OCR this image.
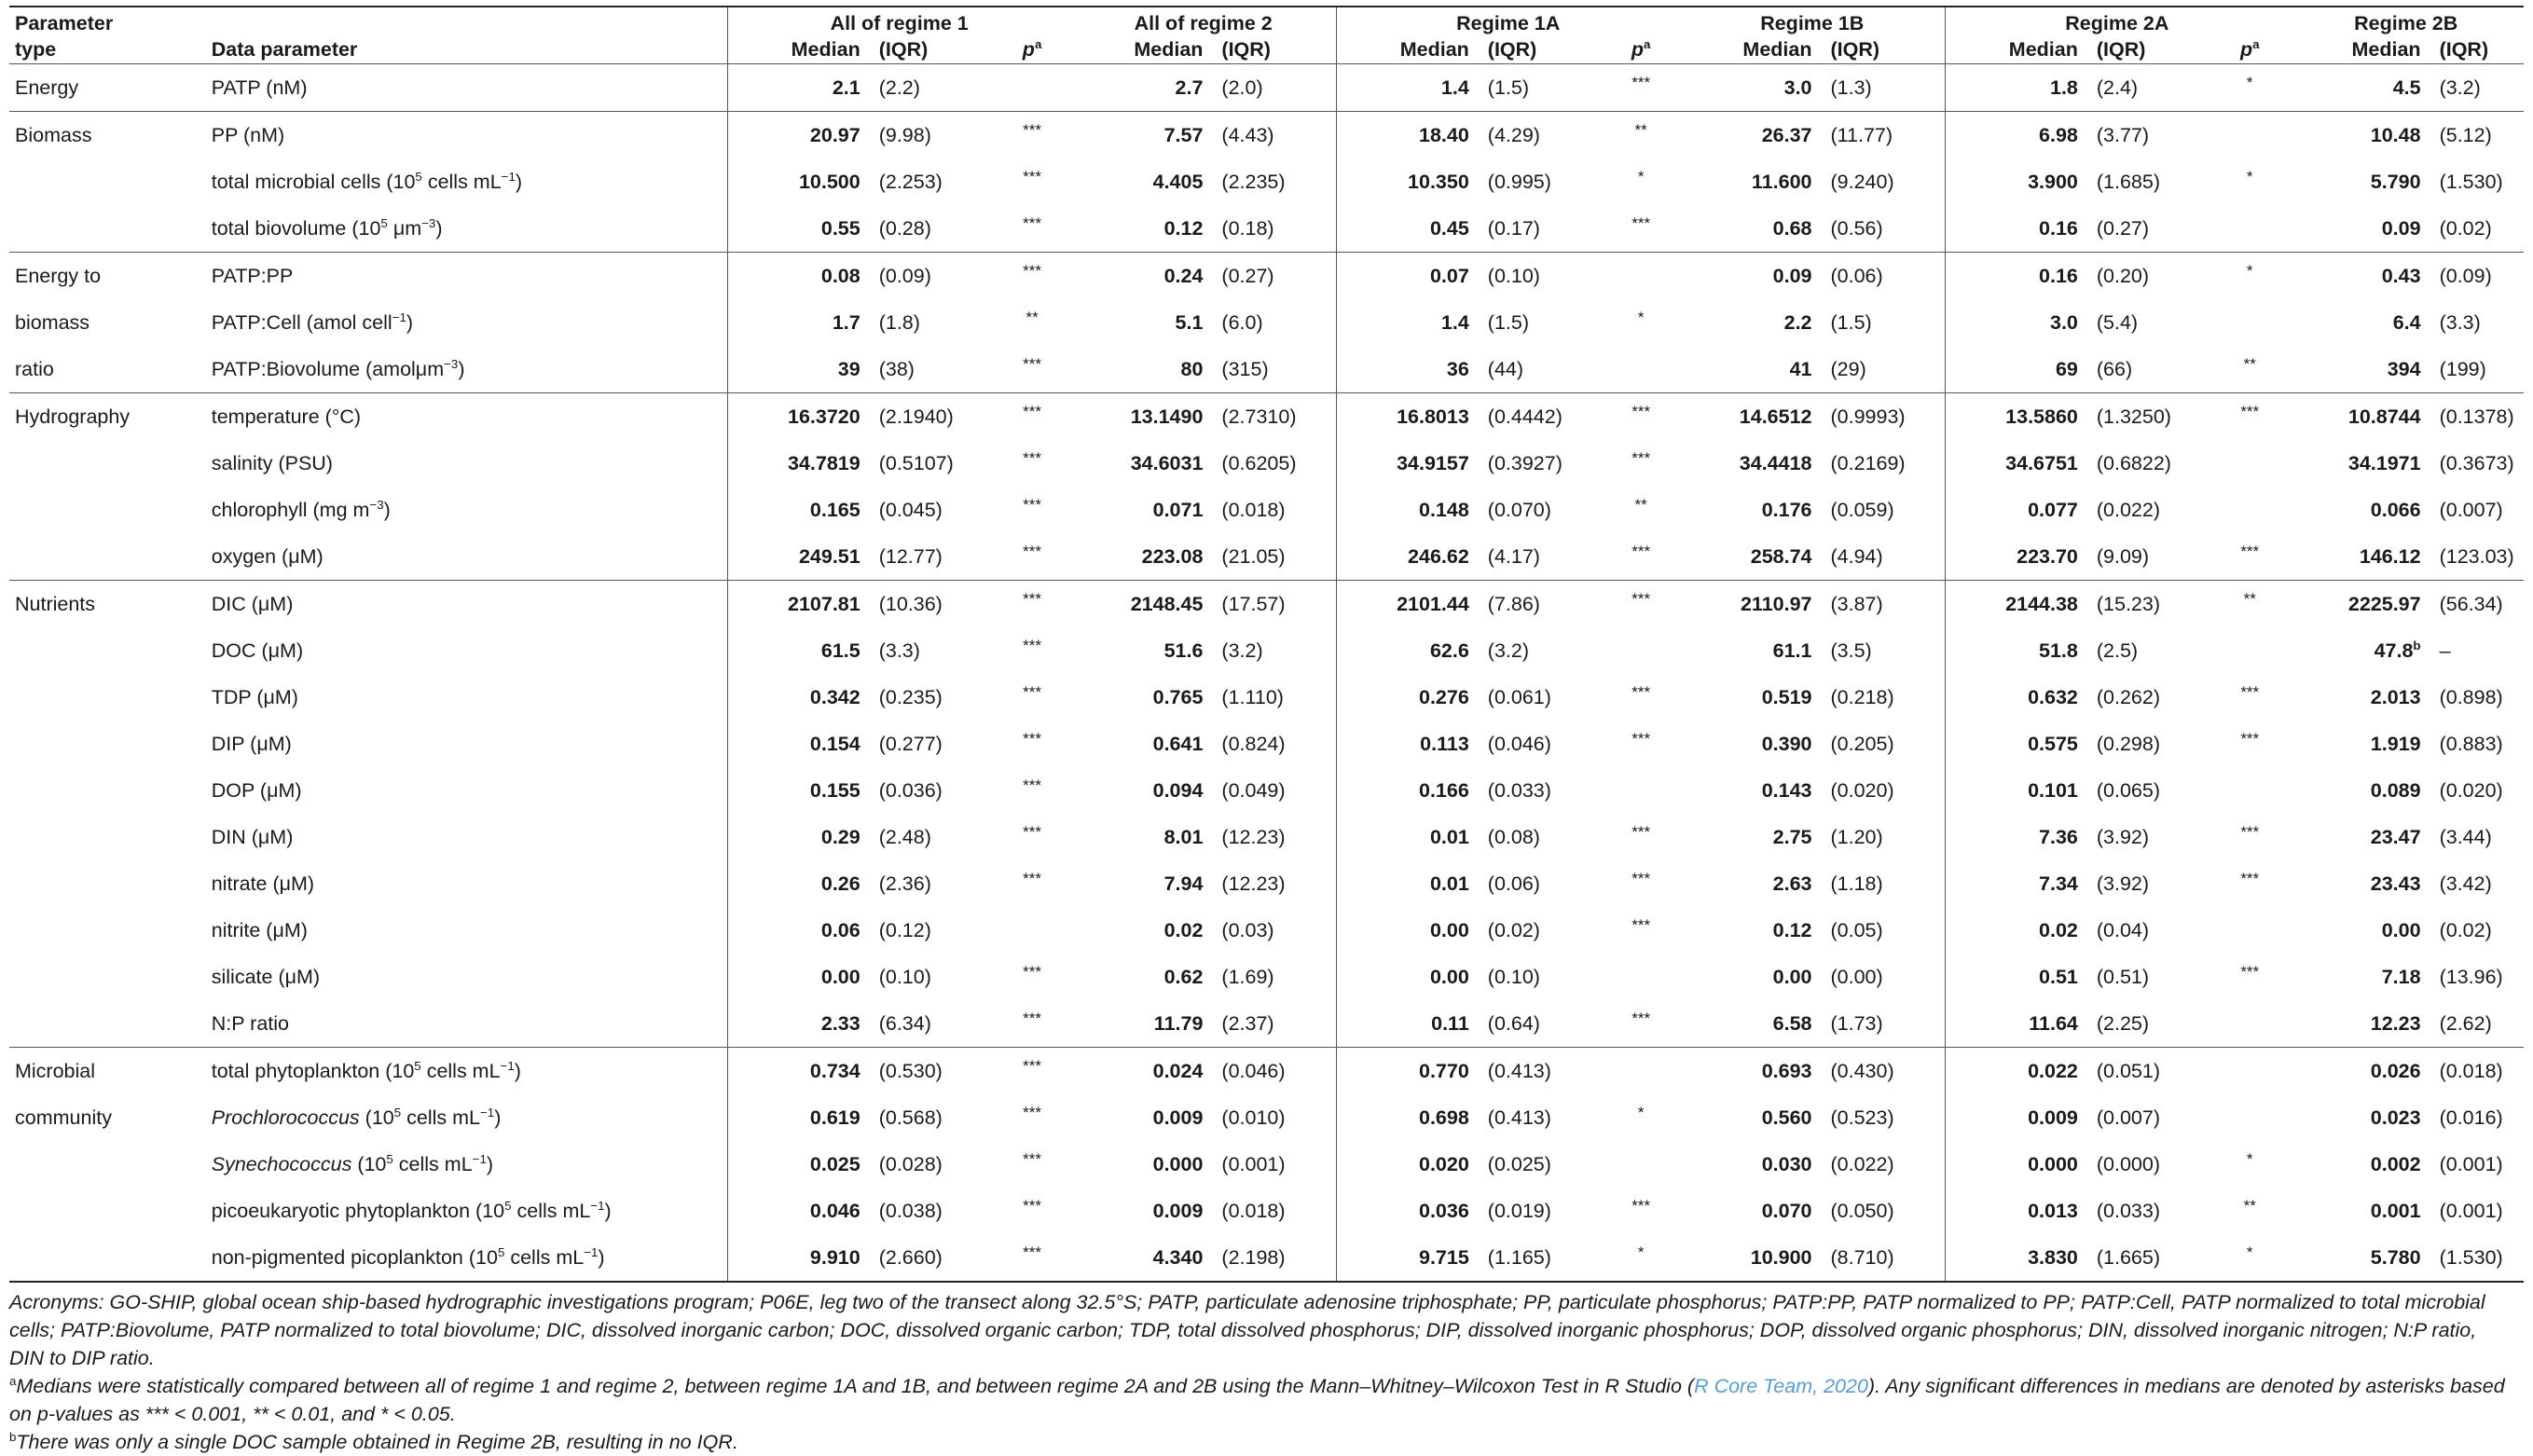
Parameter		All of regime 1			All of regime 2		Regime 1A			Regime 1B		Regime 2A			Regime 2B	
type	Data parameter	Median	(IQR)	$p^a$	Median	(IQR)	Median	(IQR)	$p^a$	Median	(IQR)	Median	(IQR)	$p^a$	Median	(IQR)
Energy	PATP (nM)	2.1	(2.2)		2.7	(2.0)	1.4	(1.5)	***	3.0	(1.3)	1.8	(2.4)	*	4.5	(3.2)
Biomass	PP (nM)	20.97	(9.98)	***	7.57	(4.43)	18.40	(4.29)	**	26.37	(11.77)	6.98	(3.77)		10.48	(5.12)
	total microbial cells ($10^5$ cells $mL^{-1}$)	10.500	(2.253)	***	4.405	(2.235)	10.350	(0.995)	*	11.600	(9.240)	3.900	(1.685)	*	5.790	(1.530)
	total biovolume ($10^5$ $\mu m^{-3}$)	0.55	(0.28)	***	0.12	(0.18)	0.45	(0.17)	***	0.68	(0.56)	0.16	(0.27)		0.09	(0.02)
Energy to	PATP:PP	0.08	(0.09)	***	0.24	(0.27)	0.07	(0.10)		0.09	(0.06)	0.16	(0.20)	*	0.43	(0.09)
biomass	PATP:Cell (amol cell$^{-1}$)	1.7	(1.8)	**	5.1	(6.0)	1.4	(1.5)	*	2.2	(1.5)	3.0	(5.4)		6.4	(3.3)
ratio	PATP:Biovolume (amolμm$^{-3}$)	39	(38)	***	80	(315)	36	(44)		41	(29)	69	(66)	**	394	(199)
Hydrography	temperature (°C)	16.3720	(2.1940)	***	13.1490	(2.7310)	16.8013	(0.4442)	***	14.6512	(0.9993)	13.5860	(1.3250)	***	10.8744	(0.1378)
	salinity (PSU)	34.7819	(0.5107)	***	34.6031	(0.6205)	34.9157	(0.3927)	***	34.4418	(0.2169)	34.6751	(0.6822)		34.1971	(0.3673)
	chlorophyll (mg $m^{-3}$)	0.165	(0.045)	***	0.071	(0.018)	0.148	(0.070)	**	0.176	(0.059)	0.077	(0.022)		0.066	(0.007)
	oxygen (μM)	249.51	(12.77)	***	223.08	(21.05)	246.62	(4.17)	***	258.74	(4.94)	223.70	(9.09)	***	146.12	(123.03)
Nutrients	DIC (μM)	2107.81	(10.36)	***	2148.45	(17.57)	2101.44	(7.86)	***	2110.97	(3.87)	2144.38	(15.23)	**	2225.97	(56.34)
	DOC (μM)	61.5	(3.3)	***	51.6	(3.2)	62.6	(3.2)		61.1	(3.5)	51.8	(2.5)		47.8$^b$	–
	TDP (μM)	0.342	(0.235)	***	0.765	(1.110)	0.276	(0.061)	***	0.519	(0.218)	0.632	(0.262)	***	2.013	(0.898)
	DIP (μM)	0.154	(0.277)	***	0.641	(0.824)	0.113	(0.046)	***	0.390	(0.205)	0.575	(0.298)	***	1.919	(0.883)
	DOP (μM)	0.155	(0.036)	***	0.094	(0.049)	0.166	(0.033)		0.143	(0.020)	0.101	(0.065)		0.089	(0.020)
	DIN (μM)	0.29	(2.48)	***	8.01	(12.23)	0.01	(0.08)	***	2.75	(1.20)	7.36	(3.92)	***	23.47	(3.44)
	nitrate (μM)	0.26	(2.36)	***	7.94	(12.23)	0.01	(0.06)	***	2.63	(1.18)	7.34	(3.92)	***	23.43	(3.42)
	nitrite (μM)	0.06	(0.12)		0.02	(0.03)	0.00	(0.02)	***	0.12	(0.05)	0.02	(0.04)		0.00	(0.02)
	silicate (μM)	0.00	(0.10)	***	0.62	(1.69)	0.00	(0.10)		0.00	(0.00)	0.51	(0.51)	***	7.18	(13.96)
	N:P ratio	2.33	(6.34)	***	11.79	(2.37)	0.11	(0.64)	***	6.58	(1.73)	11.64	(2.25)		12.23	(2.62)
Microbial	total phytoplankton ($10^5$ cells $mL^{-1}$)	0.734	(0.530)	***	0.024	(0.046)	0.770	(0.413)		0.693	(0.430)	0.022	(0.051)		0.026	(0.018)
community	Prochlorococcus ($10^5$ cells $mL^{-1}$)	0.619	(0.568)	***	0.009	(0.010)	0.698	(0.413)	*	0.560	(0.523)	0.009	(0.007)		0.023	(0.016)
	Synechococcus ($10^5$ cells $mL^{-1}$)	0.025	(0.028)	***	0.000	(0.001)	0.020	(0.025)		0.030	(0.022)	0.000	(0.000)	*	0.002	(0.001)
	picoeukaryotic phytoplankton ($10^5$ cells $mL^{-1}$)	0.046	(0.038)	***	0.009	(0.018)	0.036	(0.019)	***	0.070	(0.050)	0.013	(0.033)	**	0.001	(0.001)
	non-pigmented picoplankton ($10^5$ cells $mL^{-1}$)	9.910	(2.660)	***	4.340	(2.198)	9.715	(1.165)	*	10.900	(8.710)	3.830	(1.665)	*	5.780	(1.530)

Acronyms: GO-SHIP, global ocean ship-based hydrographic investigations program; P06E, leg two of the transect along 32.5°S; PATP, particulate adenosine triphosphate; PP, particulate phosphorus; PATP:PP, PATP normalized to PP; PATP:Cell, PATP normalized to total microbial cells; PATP:Biovolume, PATP normalized to total biovolume; DIC, dissolved inorganic carbon; DOC, dissolved organic carbon; TDP, total dissolved phosphorus; DIP, dissolved inorganic phosphorus; DOP, dissolved organic phosphorus; DIN, dissolved inorganic nitrogen; N:P ratio, DIN to DIP ratio.

$^a$Medians were statistically compared between all of regime 1 and regime 2, between regime 1A and 1B, and between regime 2A and 2B using the Mann–Whitney–Wilcoxon Test in R Studio (R Core Team, 2020). Any significant differences in medians are denoted by asterisks based on p-values as *** < 0.001, ** < 0.01, and * < 0.05.

$^b$There was only a single DOC sample obtained in Regime 2B, resulting in no IQR.
